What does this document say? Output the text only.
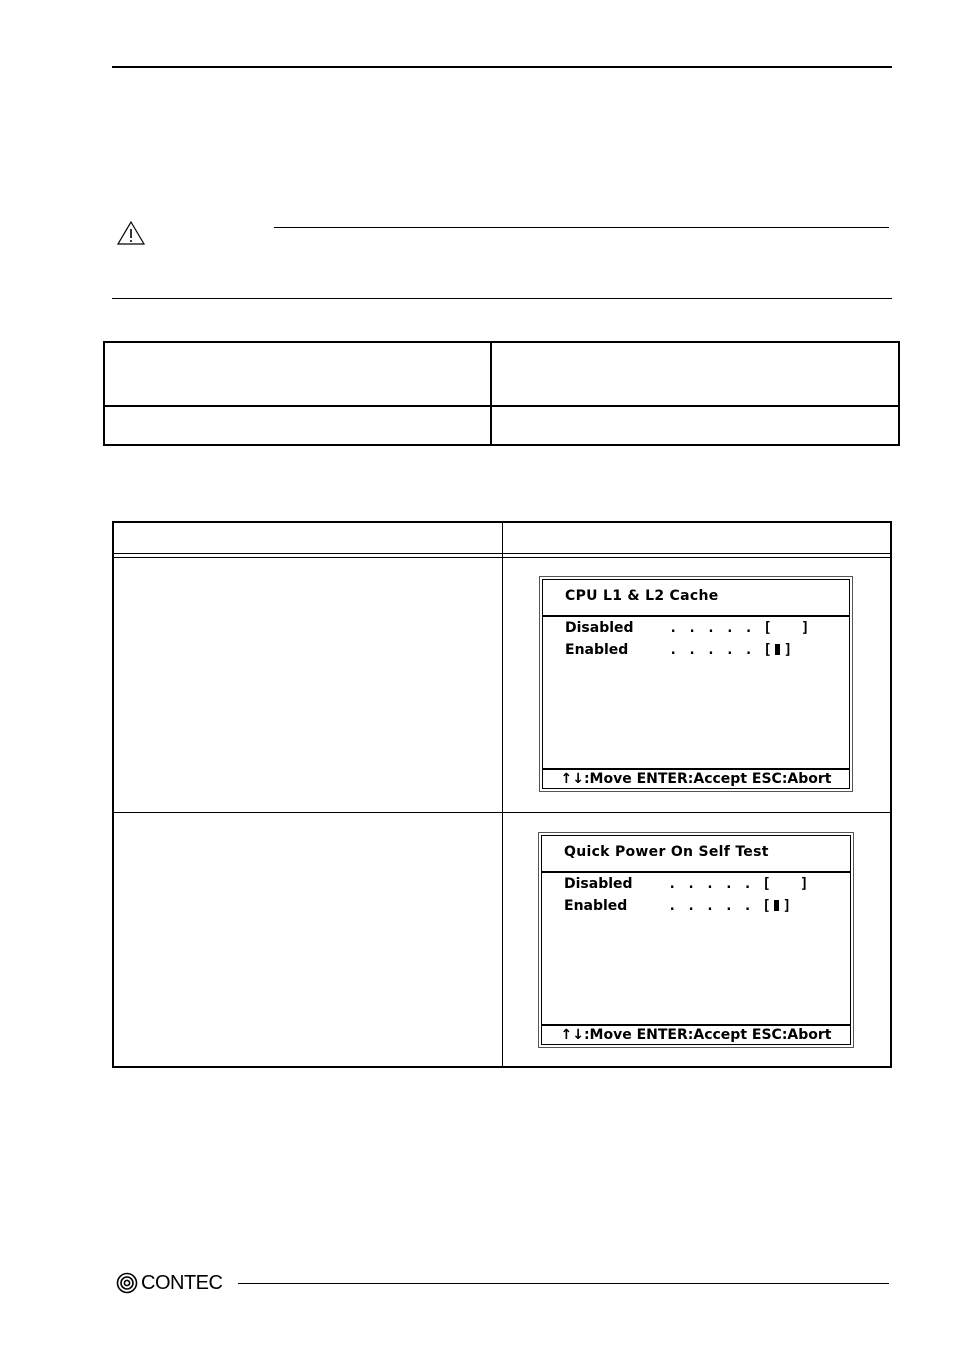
CPU L1 & L2 Cache
Disabled	. . . . . [ ]
Enabled	. . . . . [ ]
↑↓:Move ENTER:Accept ESC:Abort
Quick Power On Self Test
Disabled	. . . . . [ ]
Enabled	. . . . . [ ]
↑↓:Move ENTER:Accept ESC:Abort
CONTEC
